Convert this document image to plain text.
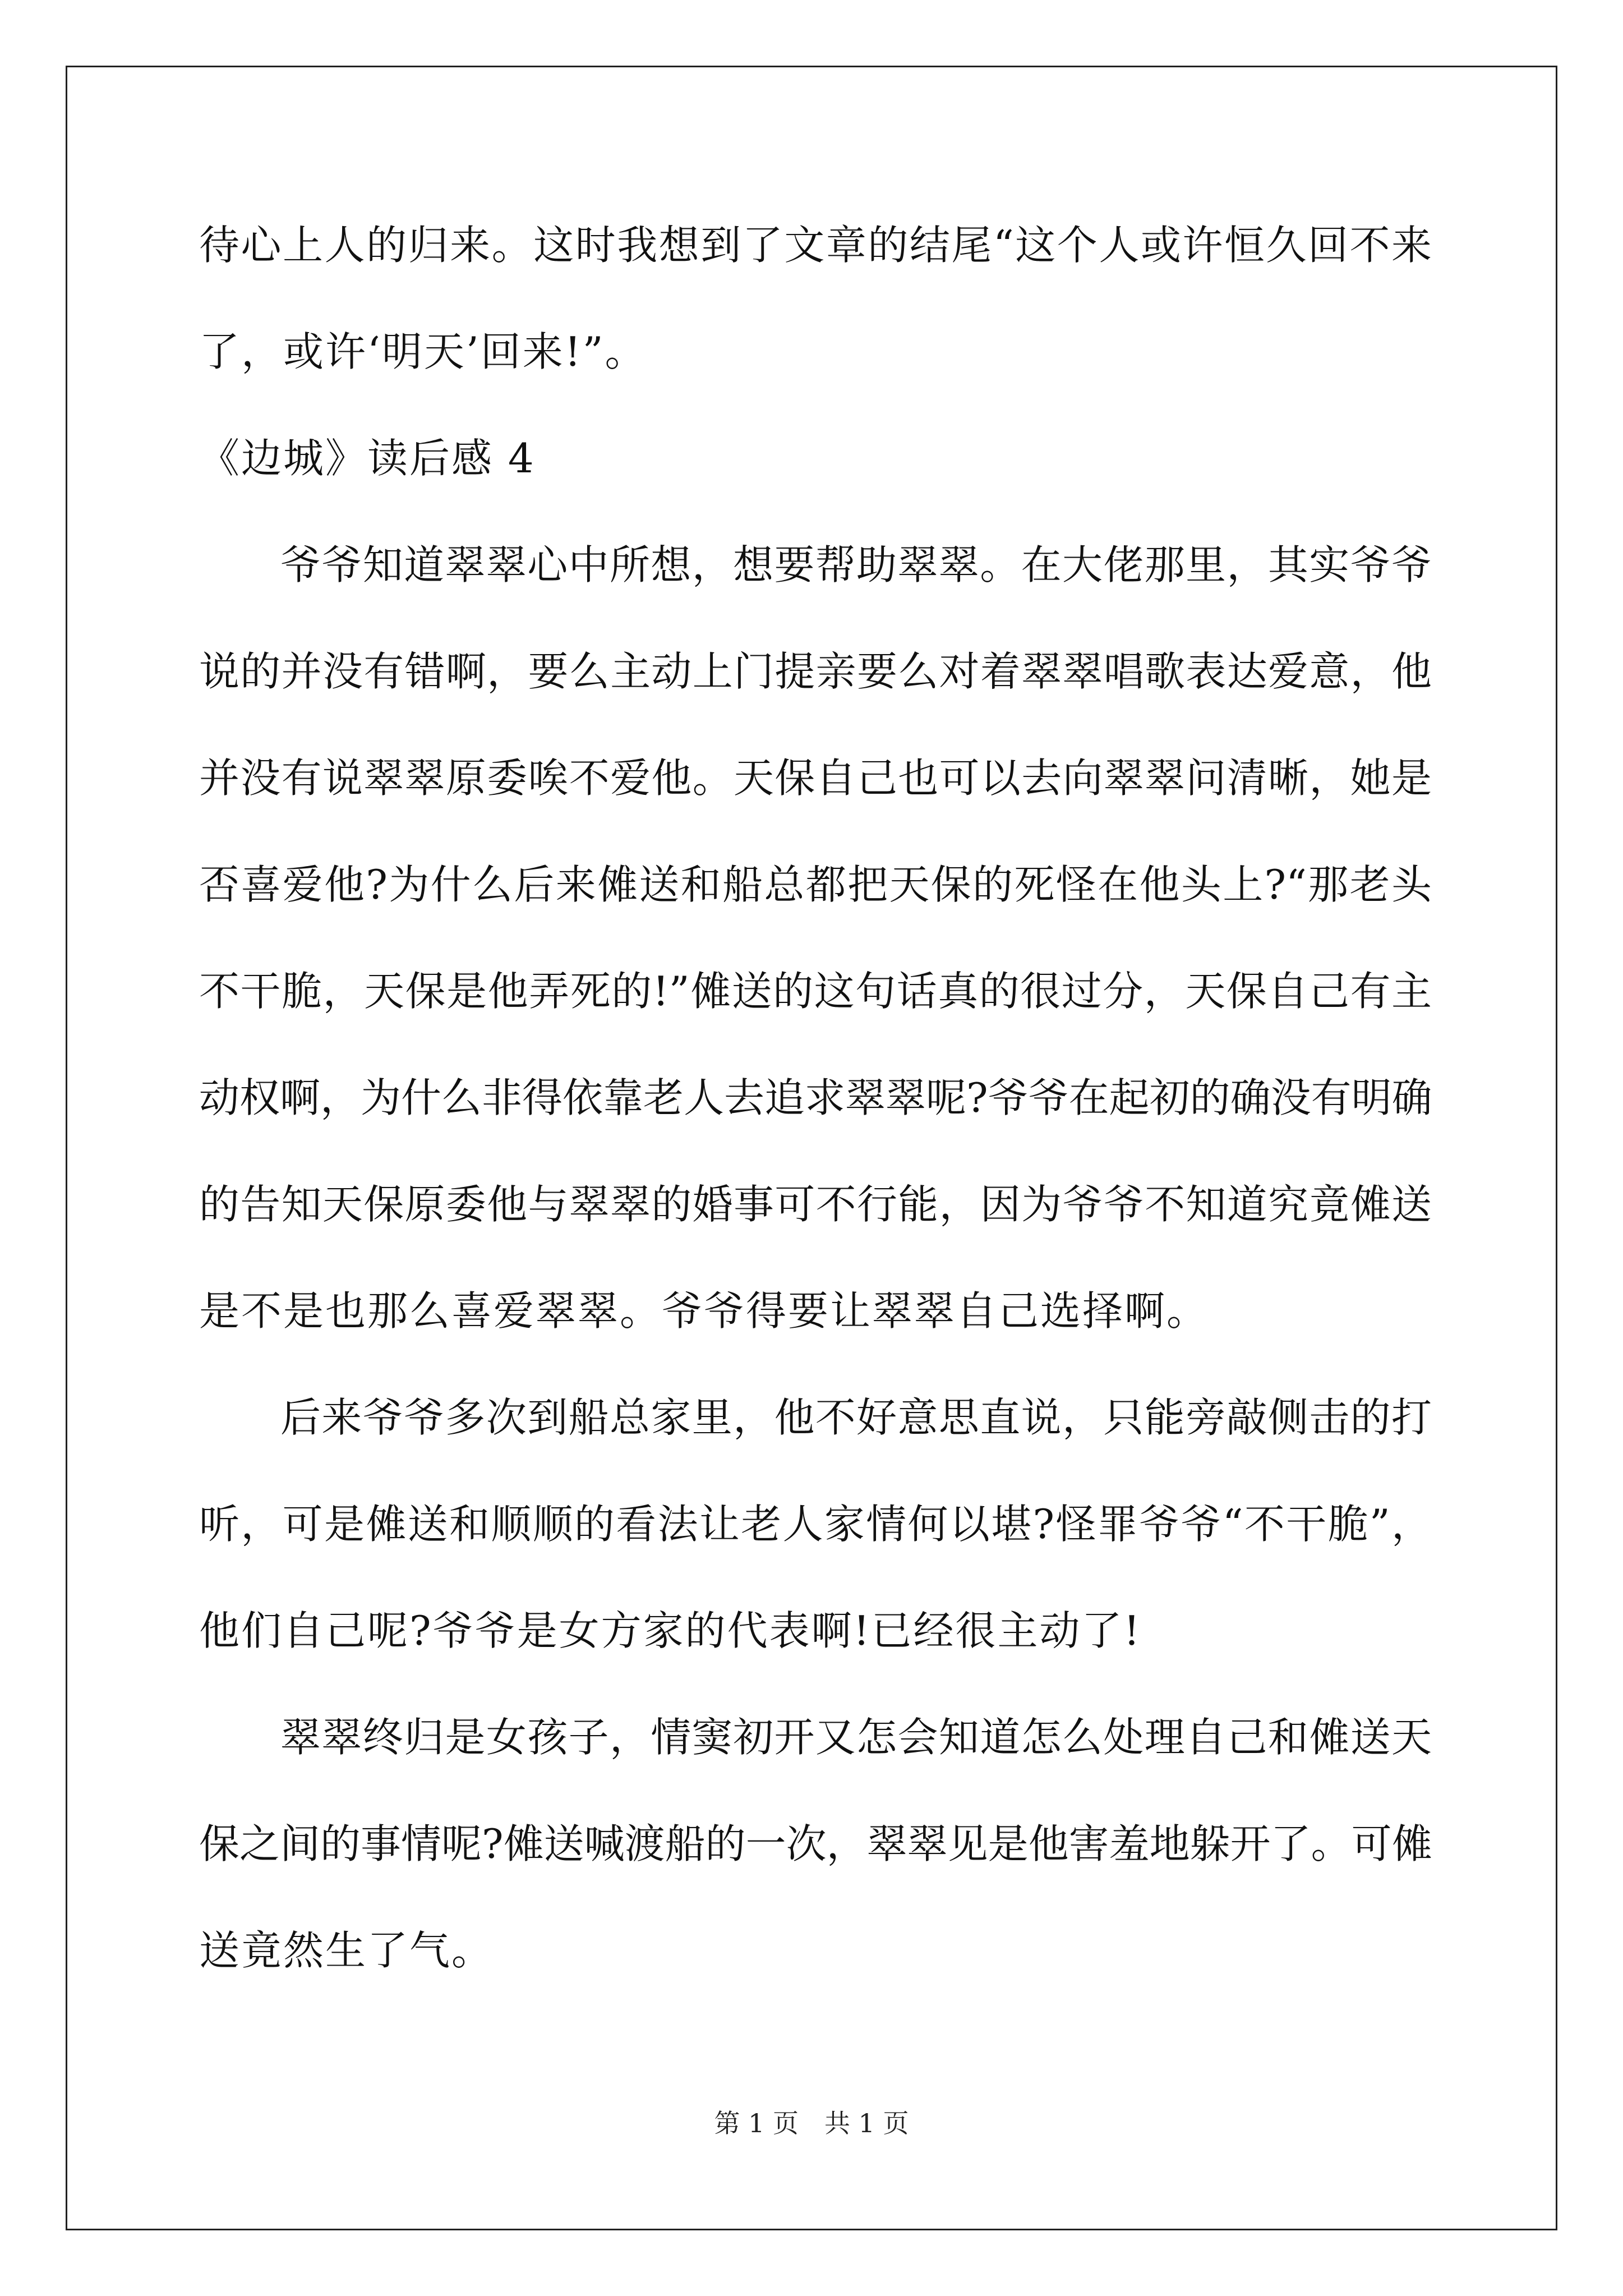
待心上人的归来。这时我想到了文章的结尾“这个人或许恒久回不来
了，或许‘明天’回来!”。
《边城》读后感 4
爷爷知道翠翠心中所想，想要帮助翠翠。在大佬那里，其实爷爷
说的并没有错啊，要么主动上门提亲要么对着翠翠唱歌表达爱意，他
并没有说翠翠原委唉不爱他。天保自己也可以去向翠翠问清晰，她是
否喜爱他?为什么后来傩送和船总都把天保的死怪在他头上?“那老头
不干脆，天保是他弄死的!”傩送的这句话真的很过分，天保自己有主
动权啊，为什么非得依靠老人去追求翠翠呢?爷爷在起初的确没有明确
的告知天保原委他与翠翠的婚事可不行能，因为爷爷不知道究竟傩送
是不是也那么喜爱翠翠。爷爷得要让翠翠自己选择啊。
后来爷爷多次到船总家里，他不好意思直说，只能旁敲侧击的打
听，可是傩送和顺顺的看法让老人家情何以堪?怪罪爷爷“不干脆”，
他们自己呢?爷爷是女方家的代表啊!已经很主动了!
翠翠终归是女孩子，情窦初开又怎会知道怎么处理自己和傩送天
保之间的事情呢?傩送喊渡船的一次，翠翠见是他害羞地躲开了。可傩
送竟然生了气。
第 1 页　共 1 页
